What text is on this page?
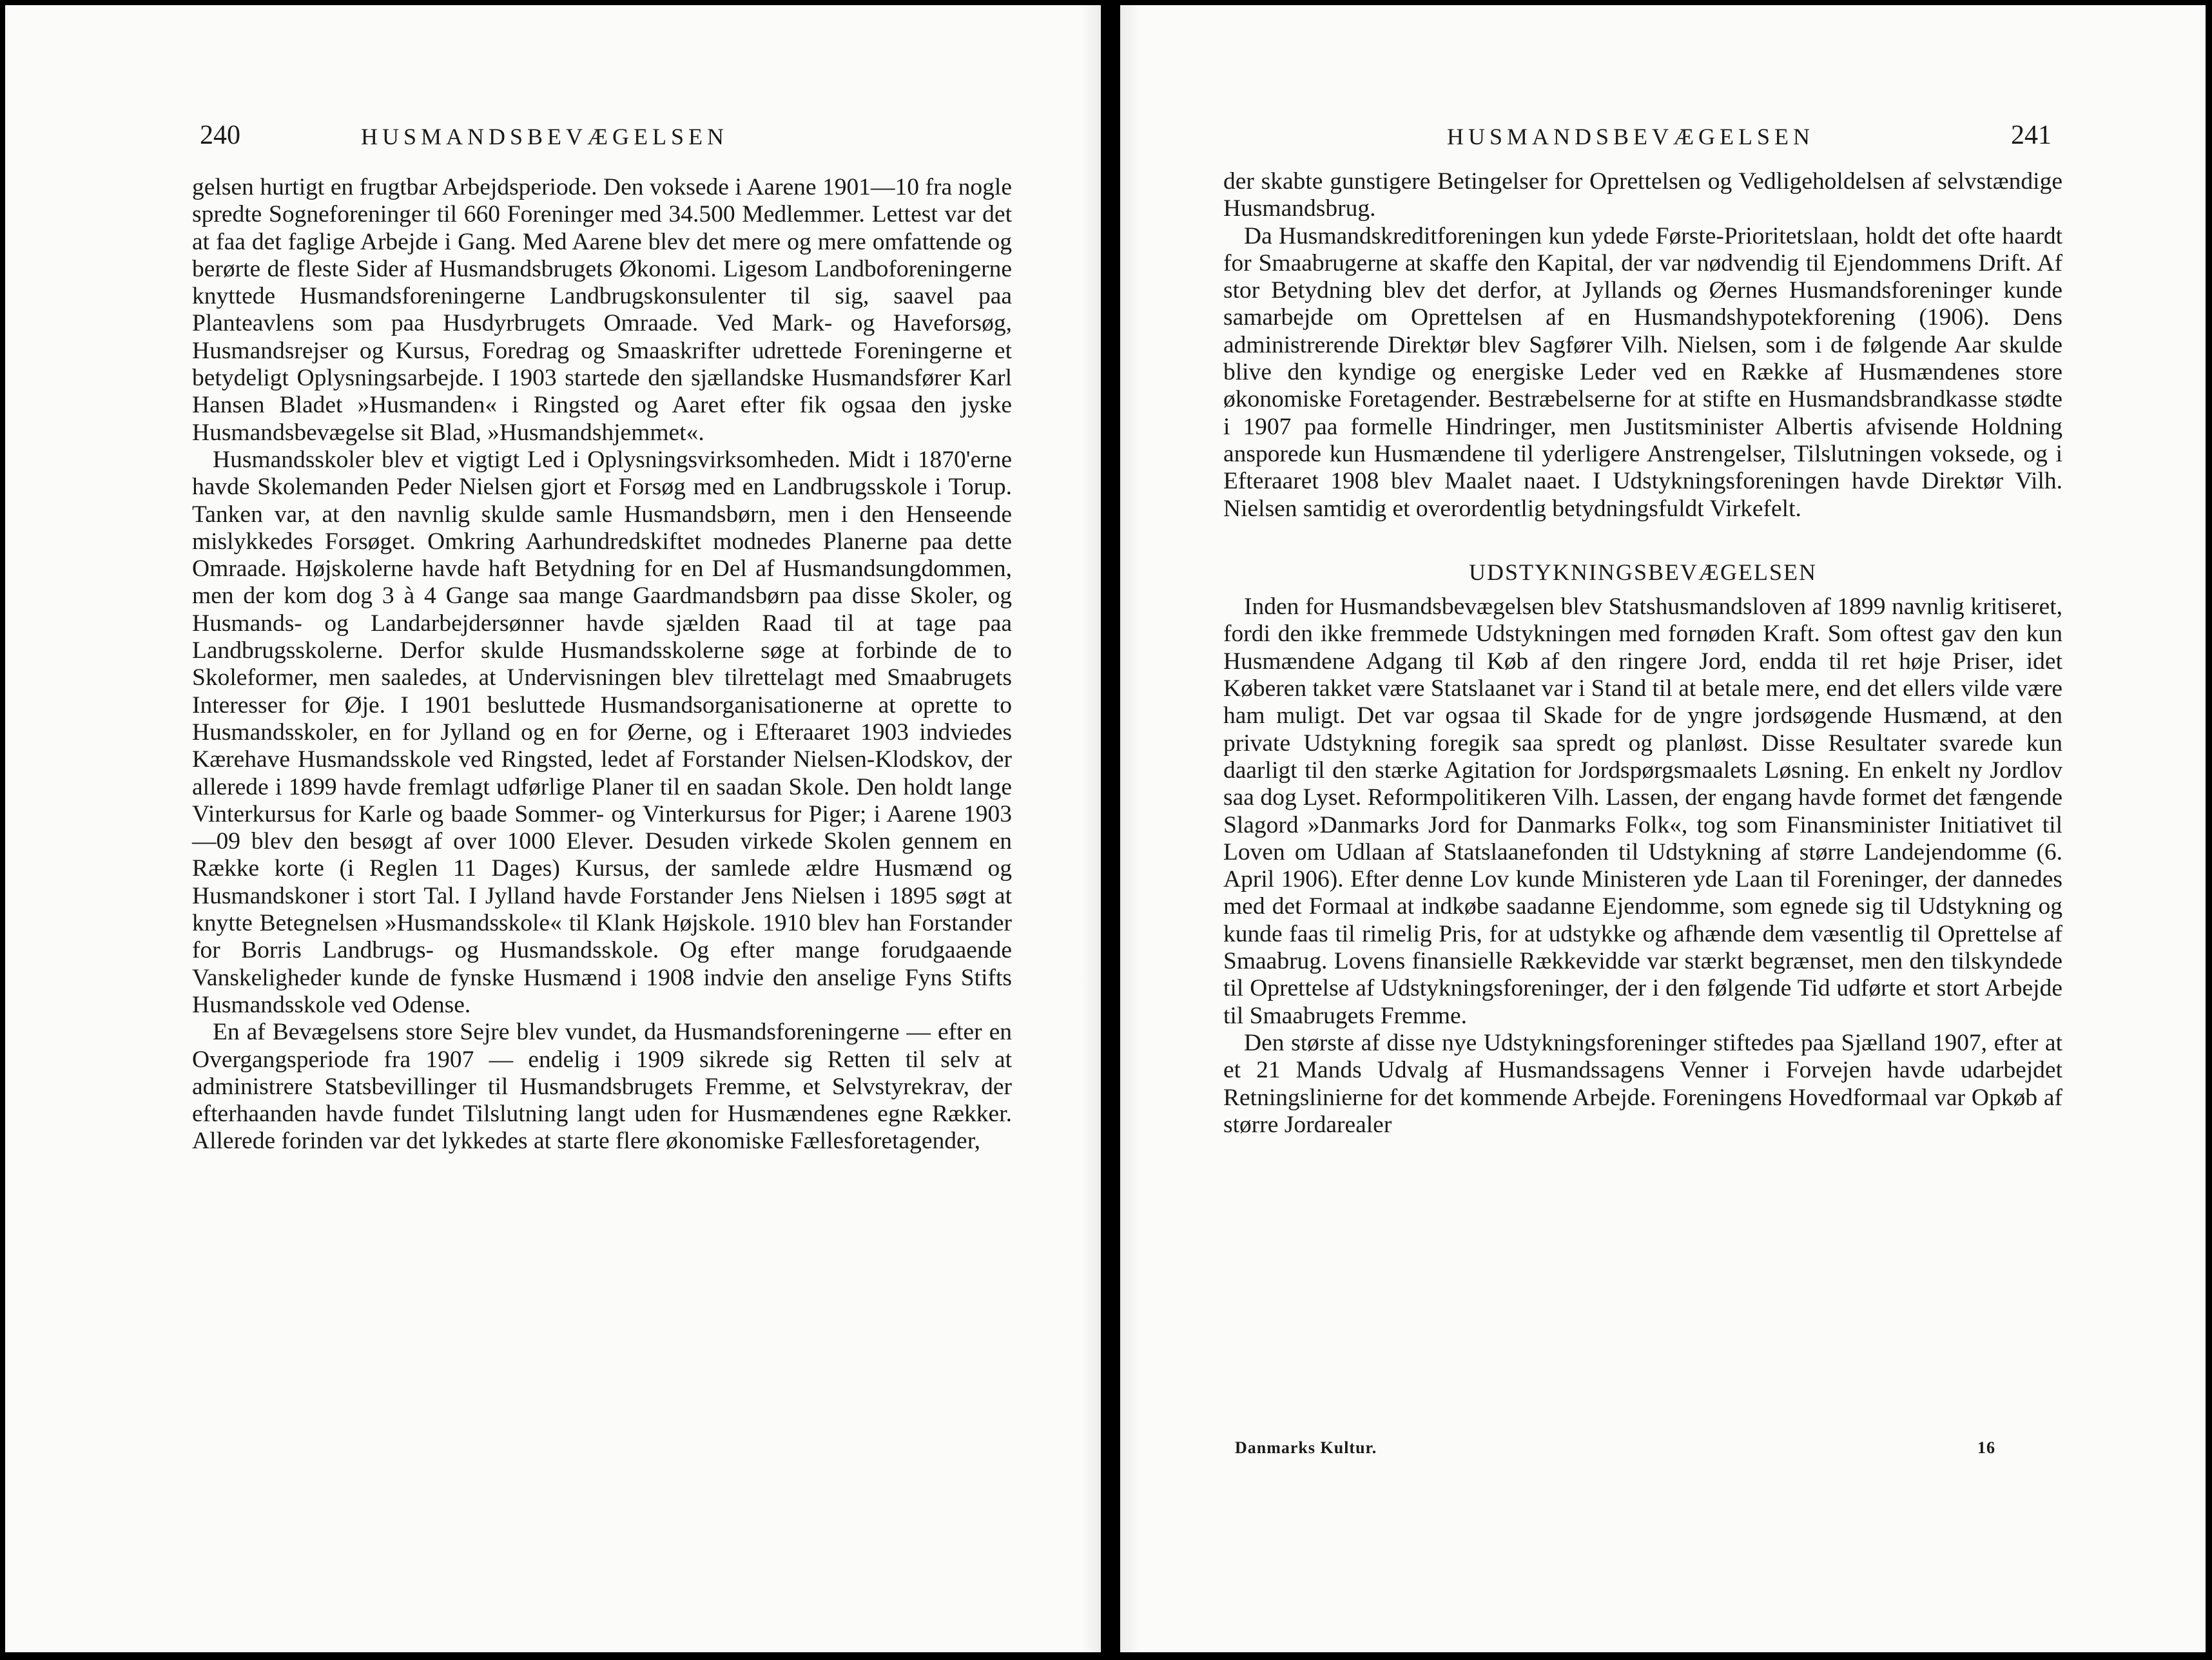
240	HUSMANDSBEVÆGELSEN

gelsen hurtigt en frugtbar Arbejdsperiode. Den voksede i Aarene 1901—10 fra nogle spredte Sogneforeninger til 660 Foreninger med 34.500 Medlemmer. Lettest var det at faa det faglige Arbejde i Gang. Med Aarene blev det mere og mere omfattende og berørte de fleste Sider af Husmandsbrugets Økonomi. Ligesom Landboforeningerne knyttede Husmandsforeningerne Landbrugskonsulenter til sig, saavel paa Planteavlens som paa Husdyrbrugets Omraade. Ved Mark- og Haveforsøg, Husmandsrejser og Kursus, Foredrag og Smaaskrifter udrettede Foreningerne et betydeligt Oplysningsarbejde. I 1903 startede den sjællandske Husmandsfører Karl Hansen Bladet »Husmanden« i Ringsted og Aaret efter fik ogsaa den jyske Husmandsbevægelse sit Blad, »Husmandshjemmet«.

Husmandsskoler blev et vigtigt Led i Oplysningsvirksomheden. Midt i 1870'erne havde Skolemanden Peder Nielsen gjort et Forsøg med en Landbrugsskole i Torup. Tanken var, at den navnlig skulde samle Husmandsbørn, men i den Henseende mislykkedes Forsøget. Omkring Aarhundredskiftet modnedes Planerne paa dette Omraade. Højskolerne havde haft Betydning for en Del af Husmandsungdommen, men der kom dog 3 à 4 Gange saa mange Gaardmandsbørn paa disse Skoler, og Husmands- og Landarbejdersønner havde sjælden Raad til at tage paa Landbrugsskolerne. Derfor skulde Husmandsskolerne søge at forbinde de to Skoleformer, men saaledes, at Undervisningen blev tilrettelagt med Smaabrugets Interesser for Øje. I 1901 besluttede Husmandsorganisationerne at oprette to Husmandsskoler, en for Jylland og en for Øerne, og i Efteraaret 1903 indviedes Kærehave Husmandsskole ved Ringsted, ledet af Forstander Nielsen-Klodskov, der allerede i 1899 havde fremlagt udførlige Planer til en saadan Skole. Den holdt lange Vinterkursus for Karle og baade Sommer- og Vinterkursus for Piger; i Aarene 1903—09 blev den besøgt af over 1000 Elever. Desuden virkede Skolen gennem en Række korte (i Reglen 11 Dages) Kursus, der samlede ældre Husmænd og Husmandskoner i stort Tal. I Jylland havde Forstander Jens Nielsen i 1895 søgt at knytte Betegnelsen »Husmandsskole« til Klank Højskole. 1910 blev han Forstander for Borris Landbrugs- og Husmandsskole. Og efter mange forudgaaende Vanskeligheder kunde de fynske Husmænd i 1908 indvie den anselige Fyns Stifts Husmandsskole ved Odense.

En af Bevægelsens store Sejre blev vundet, da Husmandsforeningerne — efter en Overgangsperiode fra 1907 — endelig i 1909 sikrede sig Retten til selv at administrere Statsbevillinger til Husmandsbrugets Fremme, et Selvstyrekrav, der efterhaanden havde fundet Tilslutning langt uden for Husmændenes egne Rækker. Allerede forinden var det lykkedes at starte flere økonomiske Fællesforetagender,

HUSMANDSBEVÆGELSEN	241

der skabte gunstigere Betingelser for Oprettelsen og Vedligeholdelsen af selvstændige Husmandsbrug.

Da Husmandskreditforeningen kun ydede Første-Prioritetslaan, holdt det ofte haardt for Smaabrugerne at skaffe den Kapital, der var nødvendig til Ejendommens Drift. Af stor Betydning blev det derfor, at Jyllands og Øernes Husmandsforeninger kunde samarbejde om Oprettelsen af en Husmandshypotekforening (1906). Dens administrerende Direktør blev Sagfører Vilh. Nielsen, som i de følgende Aar skulde blive den kyndige og energiske Leder ved en Række af Husmændenes store økonomiske Foretagender. Bestræbelserne for at stifte en Husmandsbrandkasse stødte i 1907 paa formelle Hindringer, men Justitsminister Albertis afvisende Holdning ansporede kun Husmændene til yderligere Anstrengelser, Tilslutningen voksede, og i Efteraaret 1908 blev Maalet naaet. I Udstykningsforeningen havde Direktør Vilh. Nielsen samtidig et overordentlig betydningsfuldt Virkefelt.

UDSTYKNINGSBEVÆGELSEN

Inden for Husmandsbevægelsen blev Statshusmandsloven af 1899 navnlig kritiseret, fordi den ikke fremmede Udstykningen med fornøden Kraft. Som oftest gav den kun Husmændene Adgang til Køb af den ringere Jord, endda til ret høje Priser, idet Køberen takket være Statslaanet var i Stand til at betale mere, end det ellers vilde være ham muligt. Det var ogsaa til Skade for de yngre jordsøgende Husmænd, at den private Udstykning foregik saa spredt og planløst. Disse Resultater svarede kun daarligt til den stærke Agitation for Jordspørgsmaalets Løsning. En enkelt ny Jordlov saa dog Lyset. Reformpolitikeren Vilh. Lassen, der engang havde formet det fængende Slagord »Danmarks Jord for Danmarks Folk«, tog som Finansminister Initiativet til Loven om Udlaan af Statslaanefonden til Udstykning af større Landejendomme (6. April 1906). Efter denne Lov kunde Ministeren yde Laan til Foreninger, der dannedes med det Formaal at indkøbe saadanne Ejendomme, som egnede sig til Udstykning og kunde faas til rimelig Pris, for at udstykke og afhænde dem væsentlig til Oprettelse af Smaabrug. Lovens finansielle Rækkevidde var stærkt begrænset, men den tilskyndede til Oprettelse af Udstykningsforeninger, der i den følgende Tid udførte et stort Arbejde til Smaabrugets Fremme.

Den største af disse nye Udstykningsforeninger stiftedes paa Sjælland 1907, efter at et 21 Mands Udvalg af Husmandssagens Venner i Forvejen havde udarbejdet Retningslinierne for det kommende Arbejde. Foreningens Hovedformaal var Opkøb af større Jordarealer

Danmarks Kultur.	16
